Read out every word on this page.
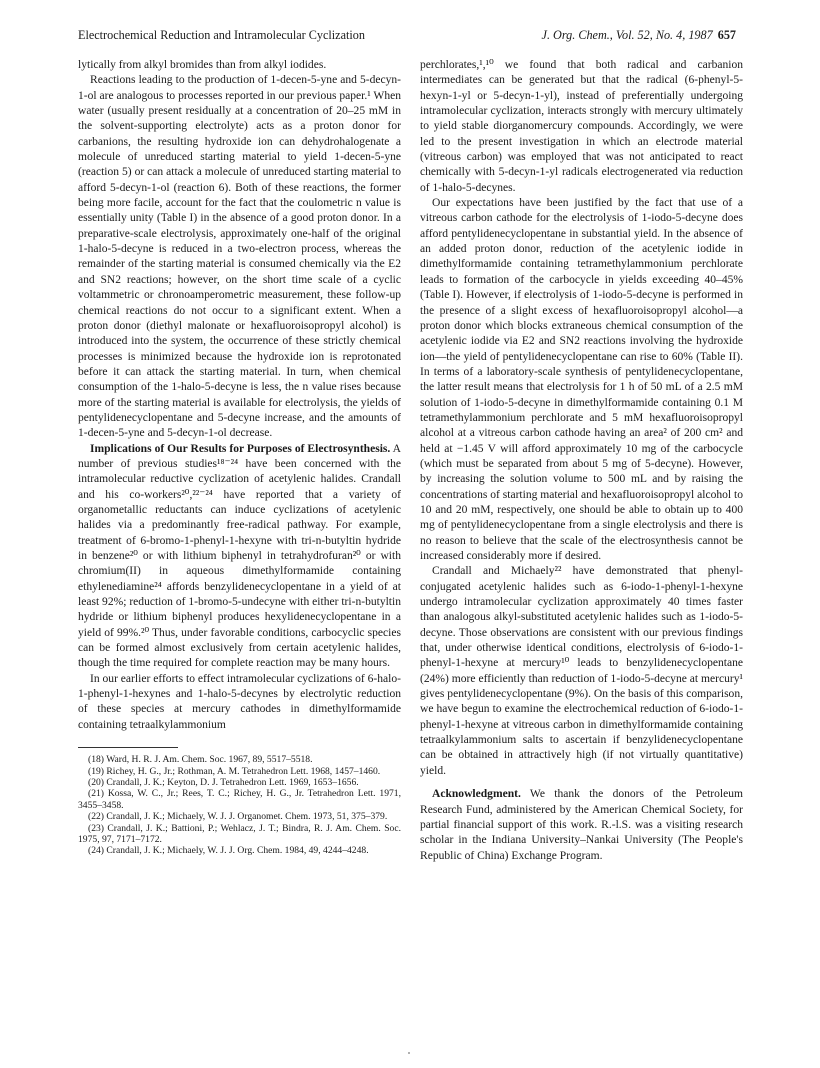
Electrochemical Reduction and Intramolecular Cyclization	J. Org. Chem., Vol. 52, No. 4, 1987 657

lytically from alkyl bromides than from alkyl iodides.

Reactions leading to the production of 1-decen-5-yne and 5-decyn-1-ol are analogous to processes reported in our previous paper.¹ When water (usually present residually at a concentration of 20–25 mM in the solvent-supporting electrolyte) acts as a proton donor for carbanions, the resulting hydroxide ion can dehydrohalogenate a molecule of unreduced starting material to yield 1-decen-5-yne (reaction 5) or can attack a molecule of unreduced starting material to afford 5-decyn-1-ol (reaction 6). Both of these reactions, the former being more facile, account for the fact that the coulometric n value is essentially unity (Table I) in the absence of a good proton donor. In a preparative-scale electrolysis, approximately one-half of the original 1-halo-5-decyne is reduced in a two-electron process, whereas the remainder of the starting material is consumed chemically via the E2 and SN2 reactions; however, on the short time scale of a cyclic voltammetric or chronoamperometric measurement, these follow-up chemical reactions do not occur to a significant extent. When a proton donor (diethyl malonate or hexafluoroisopropyl alcohol) is introduced into the system, the occurrence of these strictly chemical processes is minimized because the hydroxide ion is reprotonated before it can attack the starting material. In turn, when chemical consumption of the 1-halo-5-decyne is less, the n value rises because more of the starting material is available for electrolysis, the yields of pentylidenecyclopentane and 5-decyne increase, and the amounts of 1-decen-5-yne and 5-decyn-1-ol decrease.

Implications of Our Results for Purposes of Electrosynthesis. A number of previous studies¹⁸⁻²⁴ have been concerned with the intramolecular reductive cyclization of acetylenic halides. Crandall and his co-workers²⁰,²²⁻²⁴ have reported that a variety of organometallic reductants can induce cyclizations of acetylenic halides via a predominantly free-radical pathway. For example, treatment of 6-bromo-1-phenyl-1-hexyne with tri-n-butyltin hydride in benzene²⁰ or with lithium biphenyl in tetrahydrofuran²⁰ or with chromium(II) in aqueous dimethylformamide containing ethylenediamine²⁴ affords benzylidenecyclopentane in a yield of at least 92%; reduction of 1-bromo-5-undecyne with either tri-n-butyltin hydride or lithium biphenyl produces hexylidenecyclopentane in a yield of 99%.²⁰ Thus, under favorable conditions, carbocyclic species can be formed almost exclusively from certain acetylenic halides, though the time required for complete reaction may be many hours.

In our earlier efforts to effect intramolecular cyclizations of 6-halo-1-phenyl-1-hexynes and 1-halo-5-decynes by electrolytic reduction of these species at mercury cathodes in dimethylformamide containing tetraalkylammonium

(18) Ward, H. R. J. Am. Chem. Soc. 1967, 89, 5517–5518.

(19) Richey, H. G., Jr.; Rothman, A. M. Tetrahedron Lett. 1968, 1457–1460.

(20) Crandall, J. K.; Keyton, D. J. Tetrahedron Lett. 1969, 1653–1656.

(21) Kossa, W. C., Jr.; Rees, T. C.; Richey, H. G., Jr. Tetrahedron Lett. 1971, 3455–3458.

(22) Crandall, J. K.; Michaely, W. J. J. Organomet. Chem. 1973, 51, 375–379.

(23) Crandall, J. K.; Battioni, P.; Wehlacz, J. T.; Bindra, R. J. Am. Chem. Soc. 1975, 97, 7171–7172.

(24) Crandall, J. K.; Michaely, W. J. J. Org. Chem. 1984, 49, 4244–4248.

perchlorates,¹,¹⁰ we found that both radical and carbanion intermediates can be generated but that the radical (6-phenyl-5-hexyn-1-yl or 5-decyn-1-yl), instead of preferentially undergoing intramolecular cyclization, interacts strongly with mercury ultimately to yield stable diorganomercury compounds. Accordingly, we were led to the present investigation in which an electrode material (vitreous carbon) was employed that was not anticipated to react chemically with 5-decyn-1-yl radicals electrogenerated via reduction of 1-halo-5-decynes.

Our expectations have been justified by the fact that use of a vitreous carbon cathode for the electrolysis of 1-iodo-5-decyne does afford pentylidenecyclopentane in substantial yield. In the absence of an added proton donor, reduction of the acetylenic iodide in dimethylformamide containing tetramethylammonium perchlorate leads to formation of the carbocycle in yields exceeding 40–45% (Table I). However, if electrolysis of 1-iodo-5-decyne is performed in the presence of a slight excess of hexafluoroisopropyl alcohol—a proton donor which blocks extraneous chemical consumption of the acetylenic iodide via E2 and SN2 reactions involving the hydroxide ion—the yield of pentylidenecyclopentane can rise to 60% (Table II). In terms of a laboratory-scale synthesis of pentylidenecyclopentane, the latter result means that electrolysis for 1 h of 50 mL of a 2.5 mM solution of 1-iodo-5-decyne in dimethylformamide containing 0.1 M tetramethylammonium perchlorate and 5 mM hexafluoroisopropyl alcohol at a vitreous carbon cathode having an area² of 200 cm² and held at −1.45 V will afford approximately 10 mg of the carbocycle (which must be separated from about 5 mg of 5-decyne). However, by increasing the solution volume to 500 mL and by raising the concentrations of starting material and hexafluoroisopropyl alcohol to 10 and 20 mM, respectively, one should be able to obtain up to 400 mg of pentylidenecyclopentane from a single electrolysis and there is no reason to believe that the scale of the electrosynthesis cannot be increased considerably more if desired.

Crandall and Michaely²² have demonstrated that phenyl-conjugated acetylenic halides such as 6-iodo-1-phenyl-1-hexyne undergo intramolecular cyclization approximately 40 times faster than analogous alkyl-substituted acetylenic halides such as 1-iodo-5-decyne. Those observations are consistent with our previous findings that, under otherwise identical conditions, electrolysis of 6-iodo-1-phenyl-1-hexyne at mercury¹⁰ leads to benzylidenecyclopentane (24%) more efficiently than reduction of 1-iodo-5-decyne at mercury¹ gives pentylidenecyclopentane (9%). On the basis of this comparison, we have begun to examine the electrochemical reduction of 6-iodo-1-phenyl-1-hexyne at vitreous carbon in dimethylformamide containing tetraalkylammonium salts to ascertain if benzylidenecyclopentane can be obtained in attractively high (if not virtually quantitative) yield.

Acknowledgment. We thank the donors of the Petroleum Research Fund, administered by the American Chemical Society, for partial financial support of this work. R.-l.S. was a visiting research scholar in the Indiana University–Nankai University (The People's Republic of China) Exchange Program.
